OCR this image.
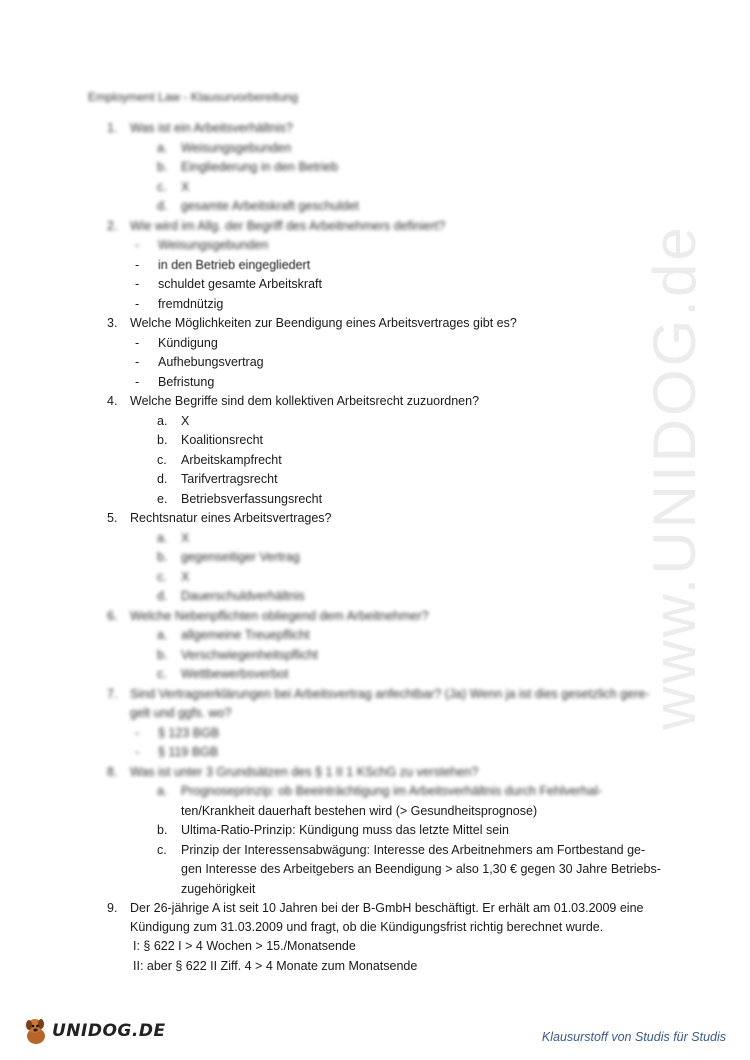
Employment Law - Klausurvorbereitung
1. Was ist ein Arbeitsverhältnis?
a. Weisungsgebunden
b. Eingliederung in den Betrieb
c. X
d. gesamte Arbeitskraft geschuldet
2. Wie wird im Allg. der Begriff des Arbeitnehmers definiert?
- Weisungsgebunden
- in den Betrieb eingegliedert
- schuldet gesamte Arbeitskraft
- fremdnützig
3. Welche Möglichkeiten zur Beendigung eines Arbeitsvertrages gibt es?
- Kündigung
- Aufhebungsvertrag
- Befristung
4. Welche Begriffe sind dem kollektiven Arbeitsrecht zuzuordnen?
a. X
b. Koalitionsrecht
c. Arbeitskampfrecht
d. Tarifvertragsrecht
e. Betriebsverfassungsrecht
5. Rechtsnatur eines Arbeitsvertrages?
a. X
b. gegenseitiger Vertrag
c. X
d. Dauerschuldverhältnis
6. Welche Nebenpflichten obliegend dem Arbeitnehmer?
a. allgemeine Treuepflicht
b. Verschwiegenheitspflicht
c. Wettbewerbsverbot
7. Sind Vertragserklärungen bei Arbeitsvertrag anfechtbar? (Ja) Wenn ja ist dies gesetzlich gere-
gelt und ggfs. wo?
- § 123 BGB
- § 119 BGB
8. Was ist unter 3 Grundsätzen des § 1 II 1 KSchG zu verstehen?
a. Prognoseprinzip: ob Beeinträchtigung im Arbeitsverhältnis durch Fehlverhal-
ten/Krankheit dauerhaft bestehen wird (> Gesundheitsprognose)
b. Ultima-Ratio-Prinzip: Kündigung muss das letzte Mittel sein
c. Prinzip der Interessensabwägung: Interesse des Arbeitnehmers am Fortbestand ge-
gen Interesse des Arbeitgebers an Beendigung > also 1,30 € gegen 30 Jahre Betriebs-
zugehörigkeit
9. Der 26-jährige A ist seit 10 Jahren bei der B-GmbH beschäftigt. Er erhält am 01.03.2009 eine
Kündigung zum 31.03.2009 und fragt, ob die Kündigungsfrist richtig berechnet wurde.
I: § 622 I > 4 Wochen > 15./Monatsende
II: aber § 622 II Ziff. 4 > 4 Monate zum Monatsende
www.UNIDOG.de
UNIDOG.DE	Klausurstoff von Studis für Studis
